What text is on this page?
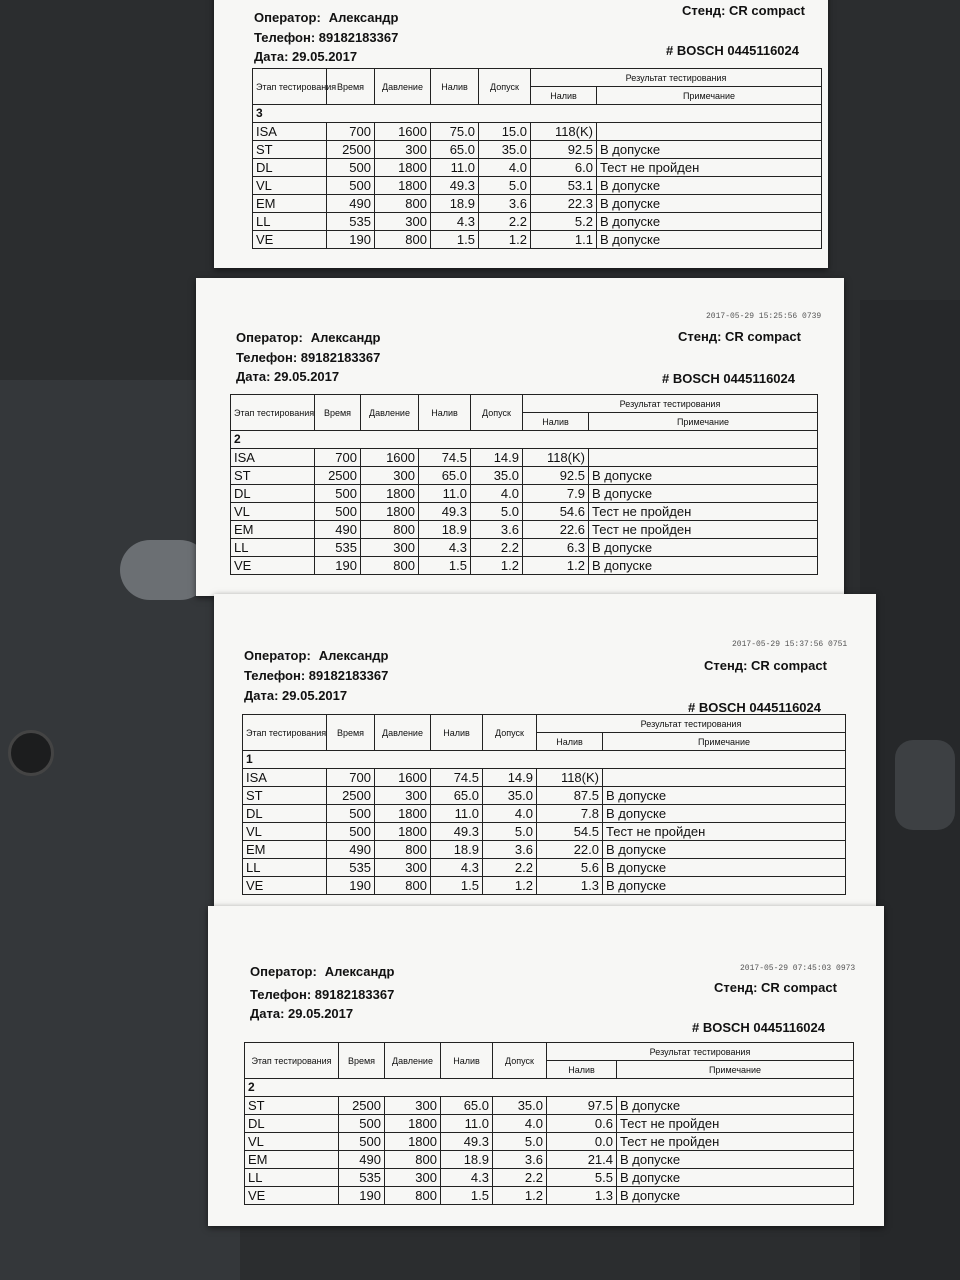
Оператор: Александр
Телефон: 89182183367
Дата: 29.05.2017
Стенд: CR compact
# BOSCH 0445116024
Этап тестирования	Время	Давление	Налив	Допуск	Результат тестирования	
					Налив	Примечание
3						
ISA	700	1600	75.0	15.0	118(K)	
ST	2500	300	65.0	35.0	92.5	В допуске
DL	500	1800	11.0	4.0	6.0	Тест не пройден
VL	500	1800	49.3	5.0	53.1	В допуске
EM	490	800	18.9	3.6	22.3	В допуске
LL	535	300	4.3	2.2	5.2	В допуске
VE	190	800	1.5	1.2	1.1	В допуске
2017-05-29 15:25:56 0739
Оператор: Александр
Телефон: 89182183367
Дата: 29.05.2017
Стенд: CR compact
# BOSCH 0445116024
Этап тестирования	Время	Давление	Налив	Допуск	Результат тестирования	
					Налив	Примечание
2						
ISA	700	1600	74.5	14.9	118(K)	
ST	2500	300	65.0	35.0	92.5	В допуске
DL	500	1800	11.0	4.0	7.9	В допуске
VL	500	1800	49.3	5.0	54.6	Тест не пройден
EM	490	800	18.9	3.6	22.6	Тест не пройден
LL	535	300	4.3	2.2	6.3	В допуске
VE	190	800	1.5	1.2	1.2	В допуске
2017-05-29 15:37:56 0751
Оператор: Александр
Телефон: 89182183367
Дата: 29.05.2017
Стенд: CR compact
# BOSCH 0445116024
Этап тестирования	Время	Давление	Налив	Допуск	Результат тестирования	
					Налив	Примечание
1						
ISA	700	1600	74.5	14.9	118(K)	
ST	2500	300	65.0	35.0	87.5	В допуске
DL	500	1800	11.0	4.0	7.8	В допуске
VL	500	1800	49.3	5.0	54.5	Тест не пройден
EM	490	800	18.9	3.6	22.0	В допуске
LL	535	300	4.3	2.2	5.6	В допуске
VE	190	800	1.5	1.2	1.3	В допуске
2017-05-29 07:45:03 0973
Оператор: Александр
Телефон: 89182183367
Дата: 29.05.2017
Стенд: CR compact
# BOSCH 0445116024
Этап тестирования	Время	Давление	Налив	Допуск	Результат тестирования	
					Налив	Примечание
2						
ST	2500	300	65.0	35.0	97.5	В допуске
DL	500	1800	11.0	4.0	0.6	Тест не пройден
VL	500	1800	49.3	5.0	0.0	Тест не пройден
EM	490	800	18.9	3.6	21.4	В допуске
LL	535	300	4.3	2.2	5.5	В допуске
VE	190	800	1.5	1.2	1.3	В допуске
